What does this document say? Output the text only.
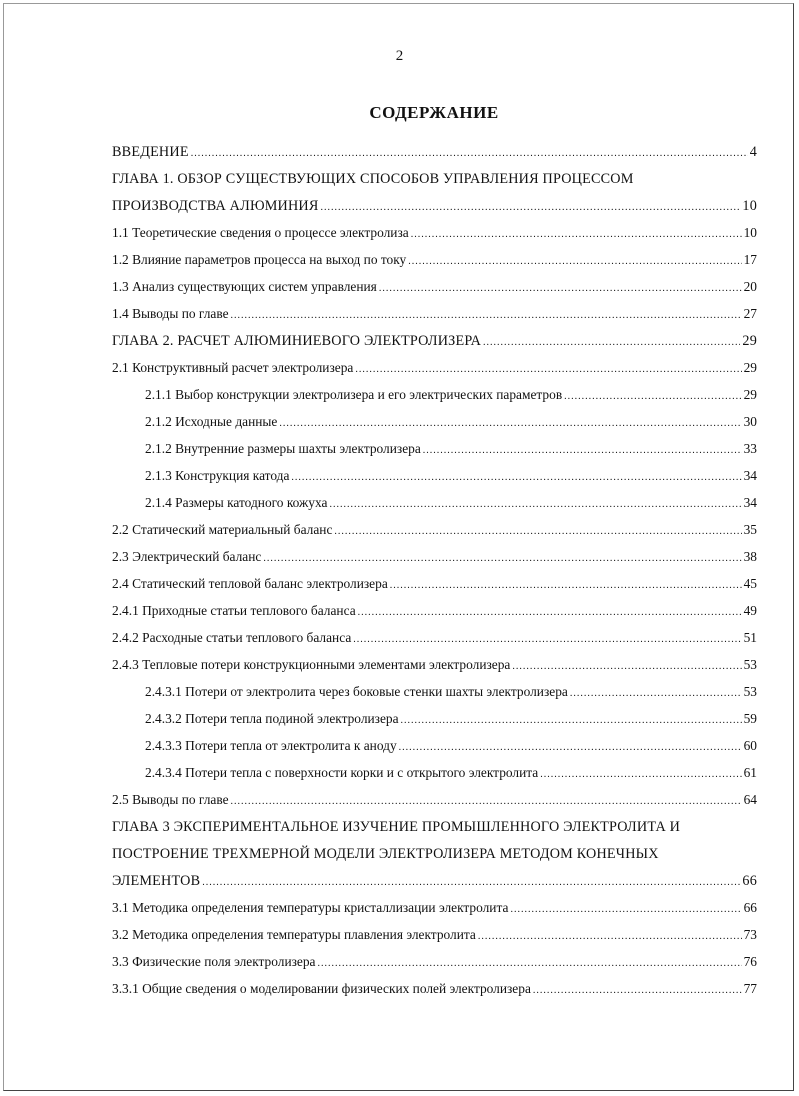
2
СОДЕРЖАНИЕ
ВВЕДЕНИЕ .....	4
ГЛАВА 1. ОБЗОР СУЩЕСТВУЮЩИХ СПОСОБОВ УПРАВЛЕНИЯ ПРОЦЕССОМ
ПРОИЗВОДСТВА АЛЮМИНИЯ .....	10
1.1 Теоретические сведения о процессе электролиза .....	10
1.2 Влияние параметров процесса на выход по току .....	17
1.3 Анализ существующих систем управления .....	20
1.4 Выводы по главе .....	27
ГЛАВА 2. РАСЧЕТ АЛЮМИНИЕВОГО ЭЛЕКТРОЛИЗЕРА .....	29
2.1 Конструктивный расчет электролизера .....	29
2.1.1 Выбор конструкции электролизера и его электрических параметров .....	29
2.1.2 Исходные данные .....	30
2.1.2 Внутренние размеры шахты электролизера .....	33
2.1.3 Конструкция катода .....	34
2.1.4 Размеры катодного кожуха .....	34
2.2 Статический материальный баланс .....	35
2.3 Электрический баланс .....	38
2.4 Статический тепловой баланс электролизера .....	45
2.4.1 Приходные статьи теплового баланса .....	49
2.4.2 Расходные статьи теплового баланса .....	51
2.4.3 Тепловые потери конструкционными элементами электролизера .....	53
2.4.3.1 Потери от электролита через боковые стенки шахты электролизера .....	53
2.4.3.2 Потери тепла подиной электролизера .....	59
2.4.3.3 Потери тепла от электролита к аноду .....	60
2.4.3.4 Потери тепла с поверхности корки и с открытого электролита .....	61
2.5 Выводы по главе .....	64
ГЛАВА 3 ЭКСПЕРИМЕНТАЛЬНОЕ ИЗУЧЕНИЕ ПРОМЫШЛЕННОГО ЭЛЕКТРОЛИТА И
ПОСТРОЕНИЕ ТРЕХМЕРНОЙ МОДЕЛИ ЭЛЕКТРОЛИЗЕРА МЕТОДОМ КОНЕЧНЫХ
ЭЛЕМЕНТОВ .....	66
3.1 Методика определения температуры кристаллизации электролита .....	66
3.2 Методика определения температуры плавления электролита .....	73
3.3 Физические поля электролизера .....	76
3.3.1 Общие сведения о моделировании физических полей электролизера .....	77
